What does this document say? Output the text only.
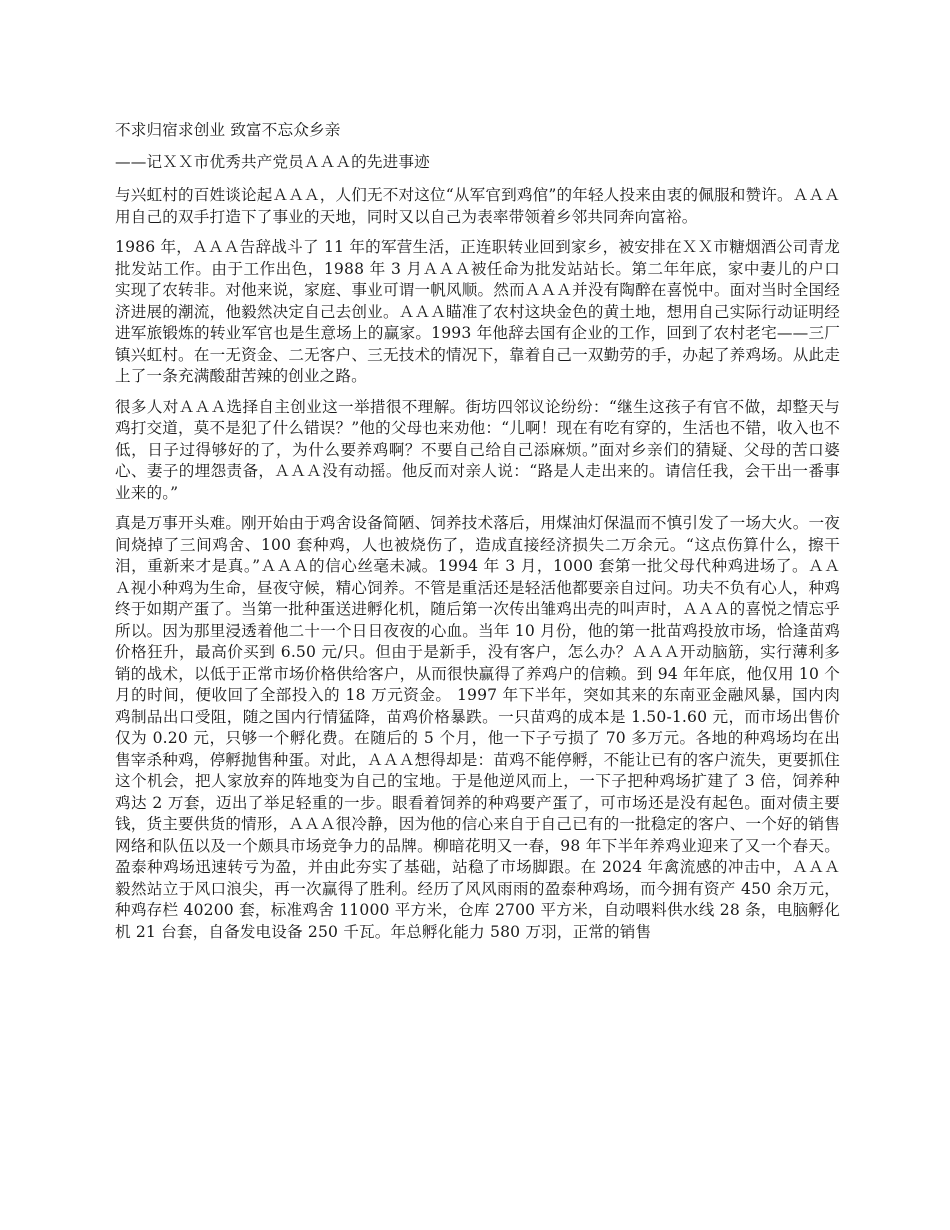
不求归宿求创业 致富不忘众乡亲
——记ＸＸ市优秀共产党员ＡＡＡ的先进事迹

与兴虹村的百姓谈论起ＡＡＡ，人们无不对这位“从军官到鸡倌”的年轻人投来由衷的佩服和赞许。ＡＡＡ用自己的双手打造下了事业的天地，同时又以自己为表率带领着乡邻共同奔向富裕。

1986 年，ＡＡＡ告辞战斗了 11 年的军营生活，正连职转业回到家乡，被安排在ＸＸ市糖烟酒公司青龙批发站工作。由于工作出色，1988 年 3 月ＡＡＡ被任命为批发站站长。第二年年底，家中妻儿的户口实现了农转非。对他来说，家庭、事业可谓一帆风顺。然而ＡＡＡ并没有陶醉在喜悦中。面对当时全国经济进展的潮流，他毅然决定自己去创业。ＡＡＡ瞄准了农村这块金色的黄土地，想用自己实际行动证明经进军旅锻炼的转业军官也是生意场上的赢家。1993 年他辞去国有企业的工作，回到了农村老宅——三厂镇兴虹村。在一无资金、二无客户、三无技术的情况下，靠着自己一双勤劳的手，办起了养鸡场。从此走上了一条充满酸甜苦辣的创业之路。

很多人对ＡＡＡ选择自主创业这一举措很不理解。街坊四邻议论纷纷：“继生这孩子有官不做，却整天与鸡打交道，莫不是犯了什么错误？”他的父母也来劝他：“儿啊！现在有吃有穿的，生活也不错，收入也不低，日子过得够好的了，为什么要养鸡啊？不要自己给自己添麻烦。”面对乡亲们的猜疑、父母的苦口婆心、妻子的埋怨责备，ＡＡＡ没有动摇。他反而对亲人说：“路是人走出来的。请信任我，会干出一番事业来的。”

真是万事开头难。刚开始由于鸡舍设备简陋、饲养技术落后，用煤油灯保温而不慎引发了一场大火。一夜间烧掉了三间鸡舍、100 套种鸡，人也被烧伤了，造成直接经济损失二万余元。“这点伤算什么，擦干泪，重新来才是真。”ＡＡＡ的信心丝毫未减。1994 年 3 月，1000 套第一批父母代种鸡进场了。ＡＡＡ视小种鸡为生命，昼夜守候，精心饲养。不管是重活还是轻活他都要亲自过问。功夫不负有心人，种鸡终于如期产蛋了。当第一批种蛋送进孵化机，随后第一次传出雏鸡出壳的叫声时，ＡＡＡ的喜悦之情忘乎所以。因为那里浸透着他二十一个日日夜夜的心血。当年 10 月份，他的第一批苗鸡投放市场，恰逢苗鸡价格狂升，最高价买到 6.50 元/只。但由于是新手，没有客户，怎么办？ＡＡＡ开动脑筋，实行薄利多销的战术，以低于正常市场价格供给客户，从而很快赢得了养鸡户的信赖。到 94 年年底，他仅用 10 个月的时间，便收回了全部投入的 18 万元资金。 1997 年下半年，突如其来的东南亚金融风暴，国内肉鸡制品出口受阻，随之国内行情猛降，苗鸡价格暴跌。一只苗鸡的成本是 1.50-1.60 元，而市场出售价仅为 0.20 元，只够一个孵化费。在随后的 5 个月，他一下子亏损了 70 多万元。各地的种鸡场均在出售宰杀种鸡，停孵抛售种蛋。对此，ＡＡＡ想得却是：苗鸡不能停孵，不能让已有的客户流失，更要抓住这个机会，把人家放弃的阵地变为自己的宝地。于是他逆风而上，一下子把种鸡场扩建了 3 倍，饲养种鸡达 2 万套，迈出了举足轻重的一步。眼看着饲养的种鸡要产蛋了，可市场还是没有起色。面对债主要钱，货主要供货的情形，ＡＡＡ很冷静，因为他的信心来自于自己已有的一批稳定的客户、一个好的销售网络和队伍以及一个颇具市场竞争力的品牌。柳暗花明又一春，98 年下半年养鸡业迎来了又一个春天。盈泰种鸡场迅速转亏为盈，并由此夯实了基础，站稳了市场脚跟。在 2024 年禽流感的冲击中，ＡＡＡ毅然站立于风口浪尖，再一次赢得了胜利。经历了风风雨雨的盈泰种鸡场，而今拥有资产 450 余万元，种鸡存栏 40200 套，标准鸡舍 11000 平方米，仓库 2700 平方米，自动喂料供水线 28 条，电脑孵化机 21 台套，自备发电设备 250 千瓦。年总孵化能力 580 万羽，正常的销售
